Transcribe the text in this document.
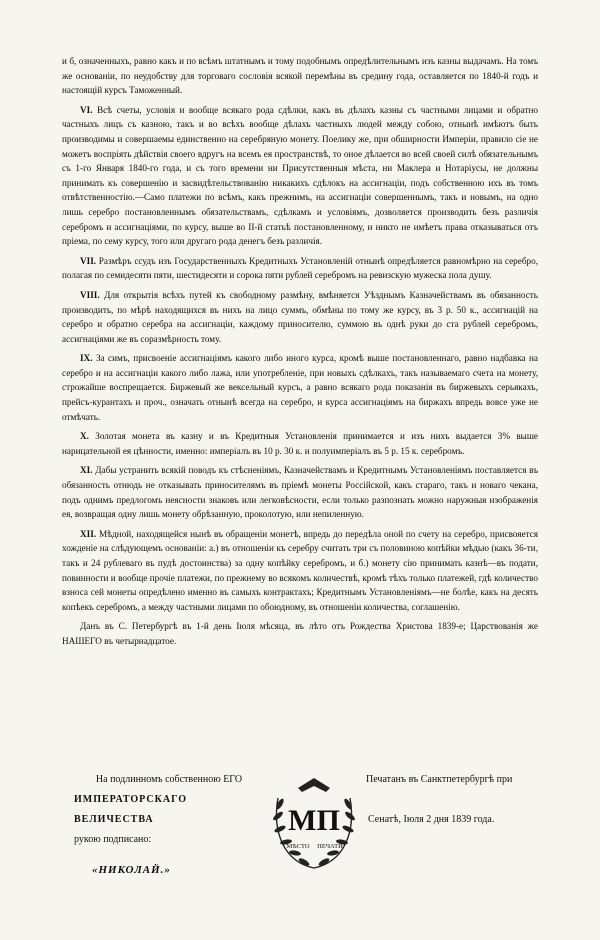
и б, означенныхъ, равно какъ и по всѣмъ штатнымъ и тому подобнымъ опредѣлительнымъ изъ казны выдачамъ. На томъ же основаніи, по неудобству для торговаго сословія всякой перемѣны въ средину года, оставляется по 1840-й годъ и настоящій курсъ Таможенный.

VI. Всѣ счеты, условія и вообще всякаго рода сдѣлки, какъ въ дѣлахъ казны съ частными лицами и обратно частныхъ лицъ съ казною, такъ и во всѣхъ вообще дѣлахъ частныхъ людей между собою, отнынѣ имѣютъ быть производимы и совершаемы единственно на серебряную монету. Поелику же, при обширности Имперіи, правило сіе не можетъ воспріять дѣйствія своего вдругъ на всемъ ея пространствѣ, то оное дѣлается во всей своей силѣ обязательнымъ съ 1-го Января 1840-го года, и съ того времени ни Присутственныя мѣста, ни Маклера и Нотаріусы, не должны принимать къ совершенію и засвидѣтельствованію никакихъ сдѣлокъ на ассигнаціи, подъ собственною ихъ въ томъ отвѣтственностію.—Само платежи по всѣмъ, какъ прежнимъ, на ассигнаціи совершеннымъ, такъ и новымъ, на одно лишь серебро постановленнымъ обязательствамъ, сдѣлкамъ и условіямъ, дозволяется производить безъ различія серебромъ и ассигнаціями, по курсу, выше во II-й статьѣ постановленному, и никто не имѣетъ права отказываться отъ пріема, по сему курсу, того или другаго рода денегъ безъ различія.

VII. Размѣръ ссудъ изъ Государственныхъ Кредитныхъ Установленій отнынѣ опредѣляется равномѣрно на серебро, полагая по семидесяти пяти, шестидесяти и сорока пяти рублей серебромъ на ревизскую мужеска пола душу.

VIII. Для открытія всѣхъ путей къ свободному размѣну, вмѣняется Уѣзднымъ Казначействамъ въ обязанность производить, по мѣрѣ находящихся въ нихъ на лицо суммъ, обмѣны по тому же курсу, въ 3 р. 50 к., ассигнацій на серебро и обратно серебра на ассигнаціи, каждому приносителю, суммою въ однѣ руки до ста рублей серебромъ, ассигнаціями же въ соразмѣрность тому.

IX. За симъ, присвоеніе ассигнаціямъ какого либо иного курса, кромѣ выше постановленнаго, равно надбавка на серебро и на ассигнаціи какого либо лажа, или употребленіе, при новыхъ сдѣлкахъ, такъ называемаго счета на монету, строжайше воспрещается. Биржевый же вексельный курсъ, а равно всякаго рода показанія въ биржевыхъ серьякахъ, прейсъ-курантахъ и проч., означать отнынѣ всегда на серебро, и курса ассигнаціямъ на биржахъ впредь вовсе уже не отмѣчать.

X. Золотая монета въ казну и въ Кредитныя Установленія принимается и изъ нихъ выдается 3% выше нарицательной ея цѣнности, именно: имперіалъ въ 10 р. 30 к. и полуимперіалъ въ 5 р. 15 к. серебромъ.

XI. Дабы устранить всякій поводъ къ стѣсненіямъ, Казначействамъ и Кредитнымъ Установленіямъ поставляется въ обязанность отнюдь не отказывать приносителямъ въ пріемѣ монеты Россійской, какъ стараго, такъ и новаго чекана, подъ однимъ предлогомъ неясности знаковъ или легковѣсности, если только разпознать можно наружныя изображенія ея, возвращая одну лишь монету обрѣзанную, проколотую, или непиленную.

XII. Мѣдной, находящейся нынѣ въ обращеніи монетѣ, впредь до передѣла оной по счету на серебро, присвояется хожденіе на слѣдующемъ основаніи: а.) въ отношеніи къ серебру считать три съ половиною копѣйки мѣдью (какъ 36-ти, такъ и 24 рублеваго въ пудѣ достоинства) за одну копѣйку серебромъ, и б.) монету сію принимать казнѣ—въ подати, повинности и вообще прочіе платежи, по прежнему во всякомъ количествѣ, кромѣ тѣхъ только платежей, гдѣ количество взноса сей монеты опредѣлено именно въ самыхъ контрактахъ; Кредитнымъ Установленіямъ—не болѣе, какъ на десять копѣекъ серебромъ, а между частными лицами по обоюдному, въ отношеніи количества, соглашенію.

Данъ въ С. Петербургѣ въ 1-й день Іюля мѣсяца, въ лѣто отъ Рождества Христова 1839-е; Царствованія же НАШЕГО въ четырнадцатое.

На подлинномъ собственною ЕГО
ИМПЕРАТОРСКАГО ВЕЛИЧЕСТВА
рукою подписано:
«НИКОЛАЙ.»
МП
МѢСТО ПЕЧАТИ
Печатанъ въ Санктпетербургѣ при
Сенатѣ, Іюля 2 дня 1839 года.
